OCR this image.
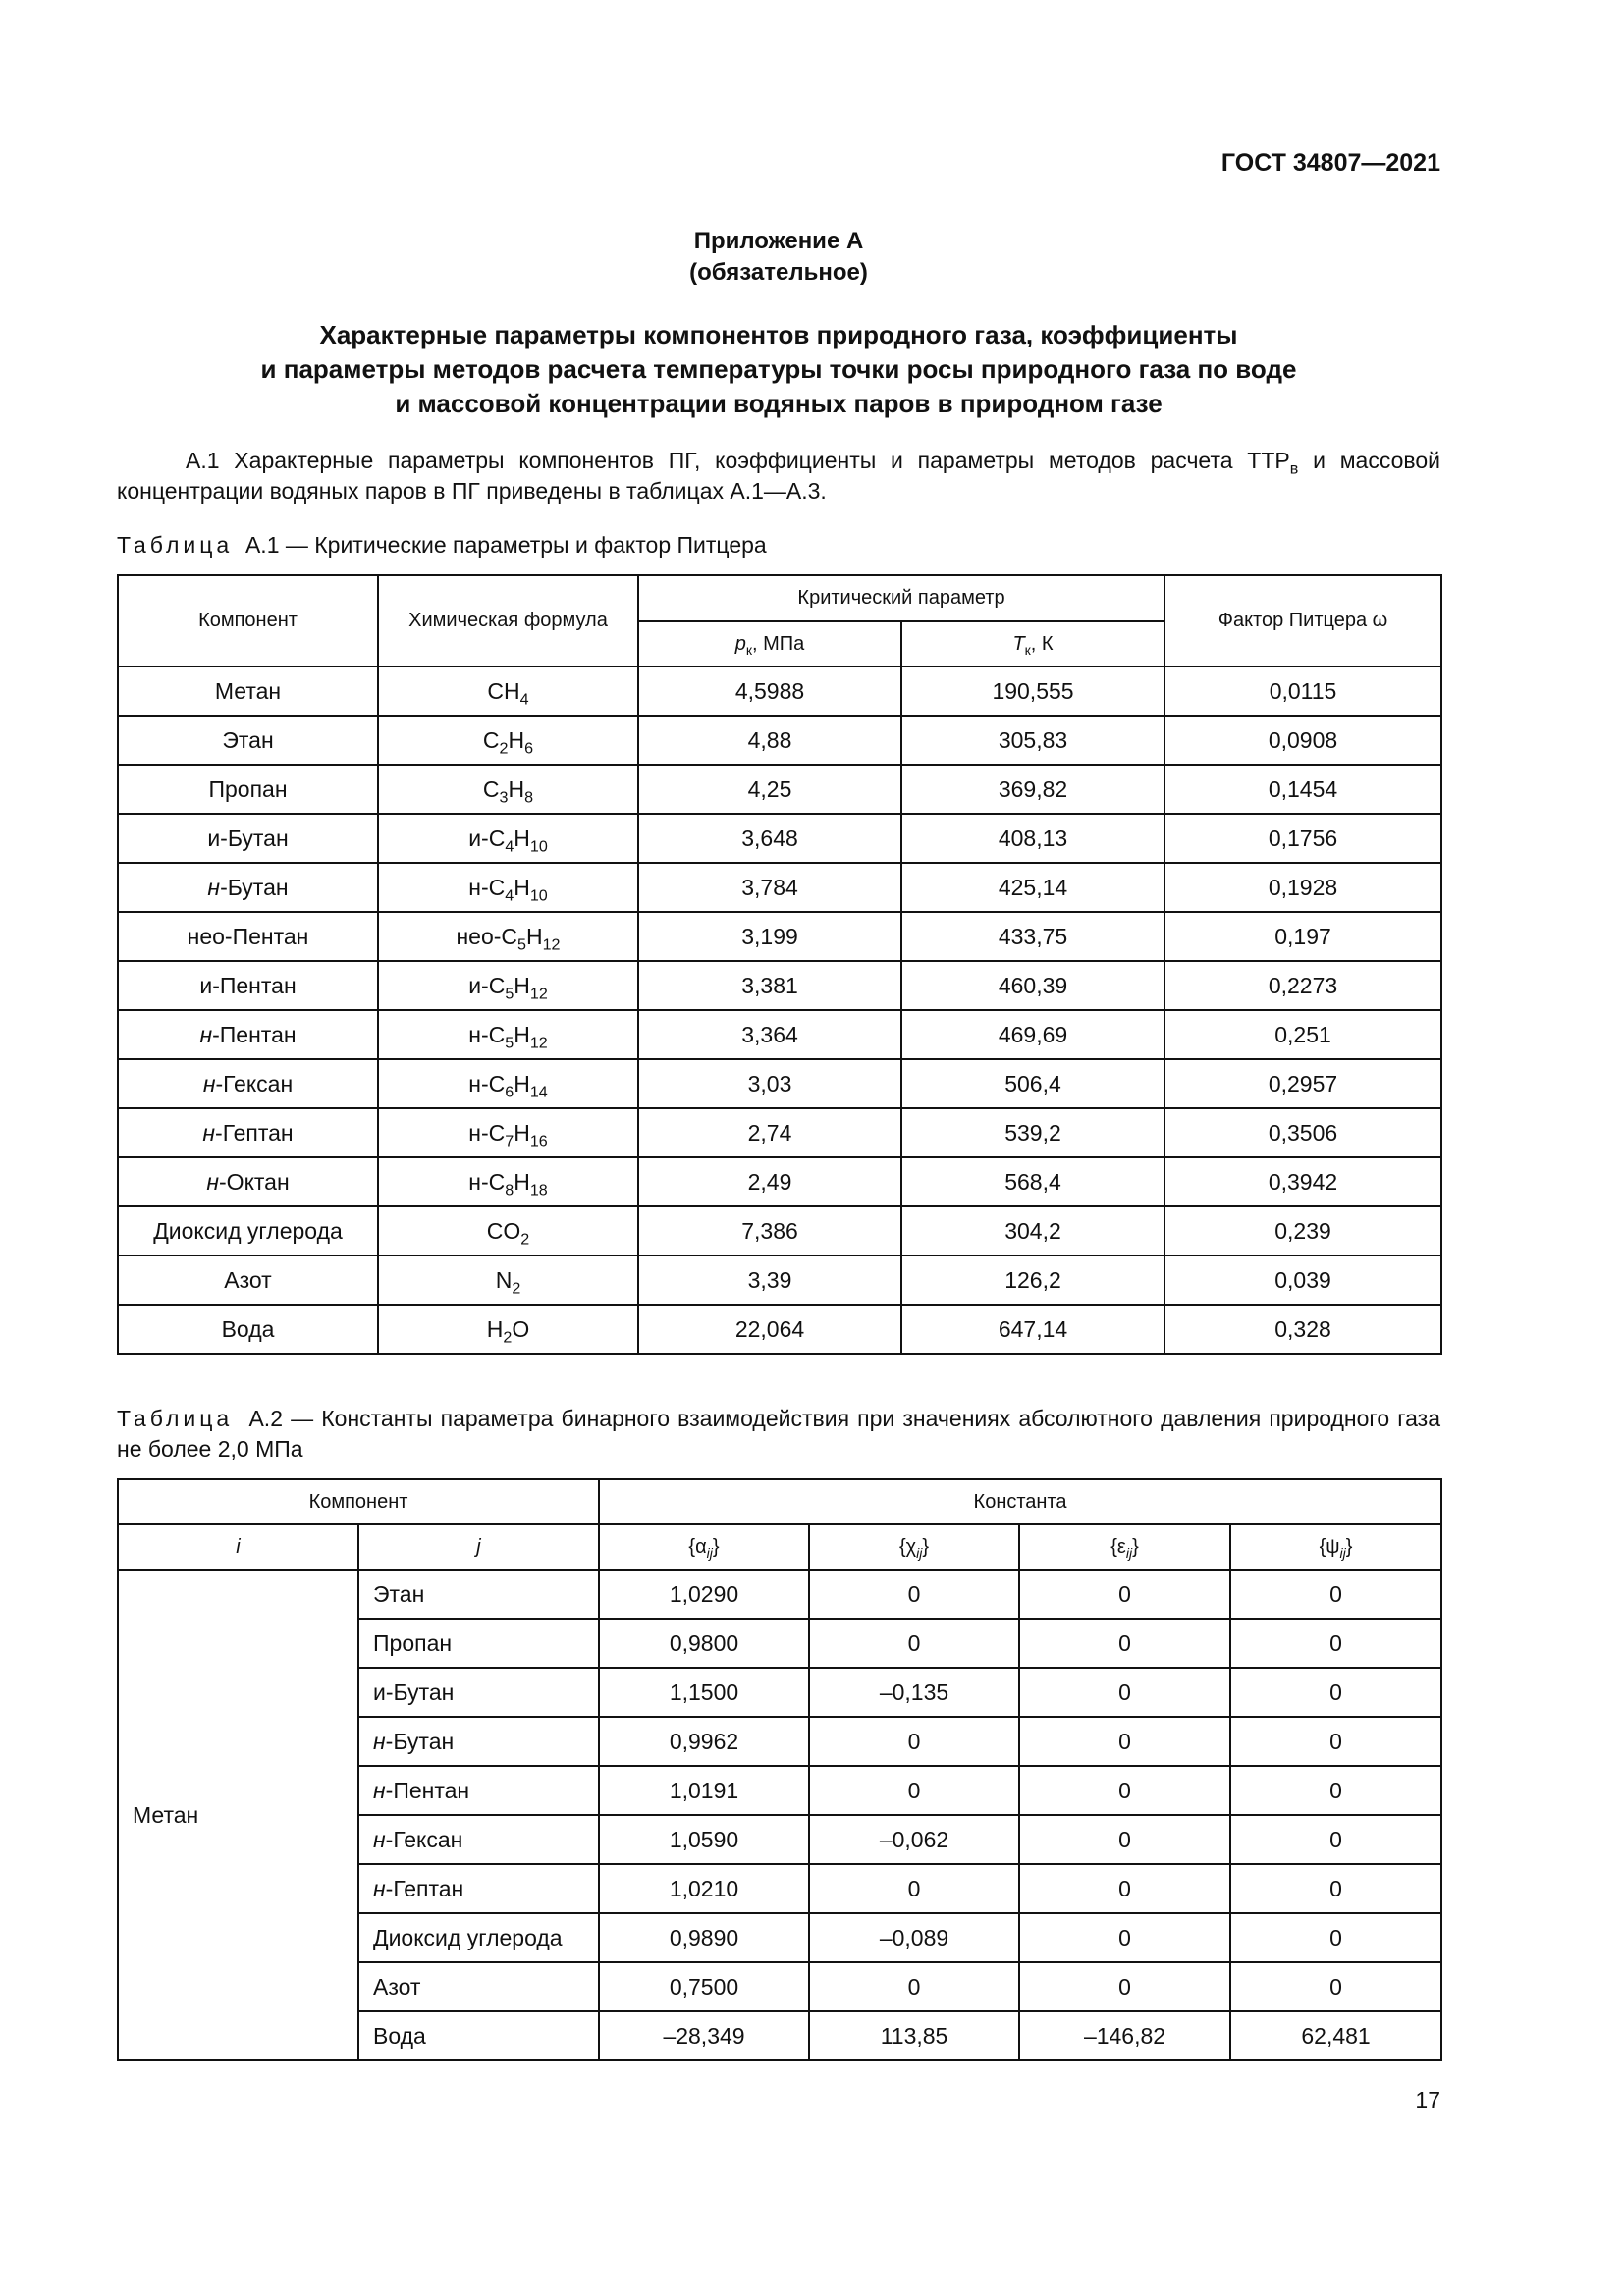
ГОСТ 34807—2021
Приложение А
(обязательное)
Характерные параметры компонентов природного газа, коэффициенты
и параметры методов расчета температуры точки росы природного газа по воде
и массовой концентрации водяных паров в природном газе
А.1 Характерные параметры компонентов ПГ, коэффициенты и параметры методов расчета $ТТР_в$ и массовой концентрации водяных паров в ПГ приведены в таблицах А.1—А.3.
Таблица А.1 — Критические параметры и фактор Питцера
Компонент	Химическая формула	Критический параметр		Фактор Питцера ω
		$p_к$, МПа	$T_к$, К	
Метан	$CH_4$	4,5988	190,555	0,0115
Этан	$C_2H_6$	4,88	305,83	0,0908
Пропан	$C_3H_8$	4,25	369,82	0,1454
и-Бутан	$и-C_4H_{10}$	3,648	408,13	0,1756
н-Бутан	$н-C_4H_{10}$	3,784	425,14	0,1928
нео-Пентан	нео-$C_5H_{12}$	3,199	433,75	0,197
и-Пентан	$и-C_5H_{12}$	3,381	460,39	0,2273
н-Пентан	$н-C_5H_{12}$	3,364	469,69	0,251
н-Гексан	$н-C_6H_{14}$	3,03	506,4	0,2957
н-Гептан	$н-C_7H_{16}$	2,74	539,2	0,3506
н-Октан	$н-C_8H_{18}$	2,49	568,4	0,3942
Диоксид углерода	$CO_2$	7,386	304,2	0,239
Азот	$N_2$	3,39	126,2	0,039
Вода	$H_2O$	22,064	647,14	0,328
Таблица А.2 — Константы параметра бинарного взаимодействия при значениях абсолютного давления природного газа не более 2,0 МПа
Компонент		Константа			
i	j	$\{\alpha_{ij}\}$	$\{\chi_{ij}\}$	$\{\varepsilon_{ij}\}$	$\{\psi_{ij}\}$
Метан	Этан	1,0290	0	0	0
	Пропан	0,9800	0	0	0
	и-Бутан	1,1500	–0,135	0	0
	н-Бутан	0,9962	0	0	0
	н-Пентан	1,0191	0	0	0
	н-Гексан	1,0590	–0,062	0	0
	н-Гептан	1,0210	0	0	0
	Диоксид углерода	0,9890	–0,089	0	0
	Азот	0,7500	0	0	0
	Вода	–28,349	113,85	–146,82	62,481
17
